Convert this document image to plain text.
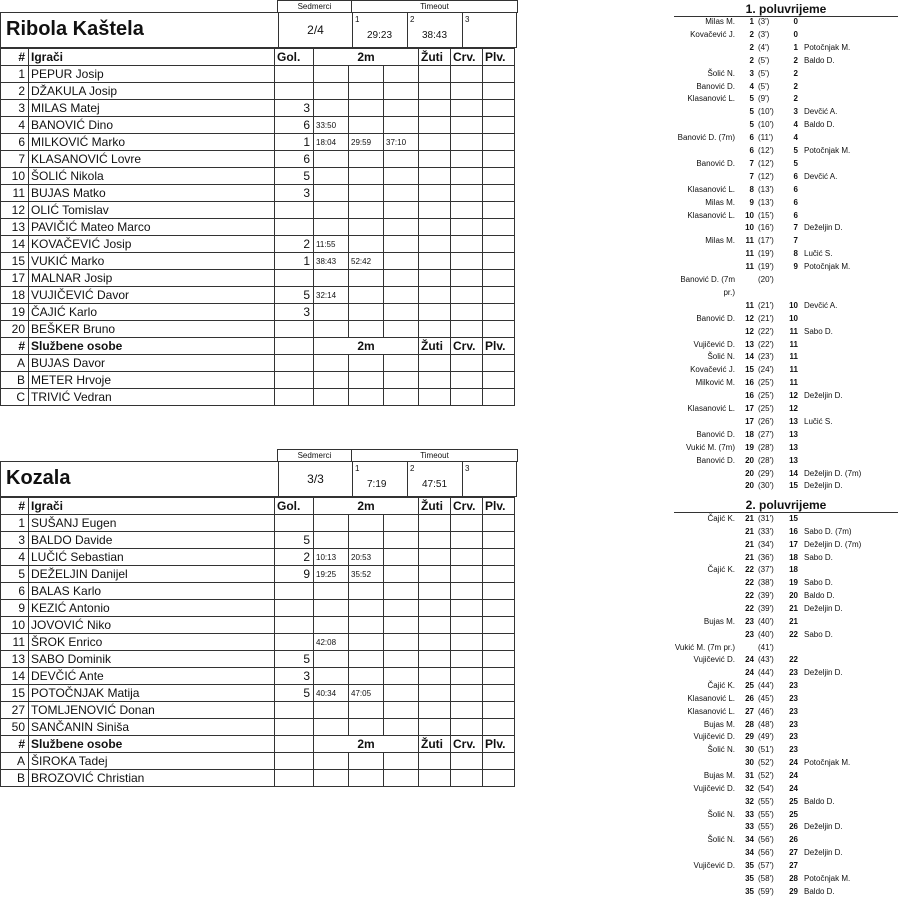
Sedmerci	Timeout
Ribola Kaštela	2/4
1
29:23
2
38:43
3
#	Igrači	Gol.	2m			Žuti	Crv.	Plv.
1	PEPUR Josip							
2	DŽAKULA Josip							
3	MILAS Matej	3						
4	BANOVIĆ Dino	6	33:50					
6	MILKOVIĆ Marko	1	18:04	29:59	37:10			
7	KLASANOVIĆ Lovre	6						
10	ŠOLIĆ Nikola	5						
11	BUJAS Matko	3						
12	OLIĆ Tomislav							
13	PAVIČIĆ Mateo Marco							
14	KOVAČEVIĆ Josip	2	11:55					
15	VUKIĆ Marko	1	38:43	52:42				
17	MALNAR Josip							
18	VUJIČEVIĆ Davor	5	32:14					
19	ČAJIĆ Karlo	3						
20	BEŠKER Bruno							
#	Službene osobe		2m			Žuti	Crv.	Plv.
A	BUJAS Davor							
B	METER Hrvoje							
C	TRIVIĆ Vedran							
Sedmerci	Timeout
Kozala	3/3
1
7:19
2
47:51
3
#	Igrači	Gol.	2m			Žuti	Crv.	Plv.
1	SUŠANJ Eugen							
3	BALDO Davide	5						
4	LUČIĆ Sebastian	2	10:13	20:53				
5	DEŽELJIN Danijel	9	19:25	35:52				
6	BALAS Karlo							
9	KEZIĆ Antonio							
10	JOVOVIĆ Niko							
11	ŠROK Enrico		42:08					
13	SABO Dominik	5						
14	DEVČIĆ Ante	3						
15	POTOČNJAK Matija	5	40:34	47:05				
27	TOMLJENOVIĆ Donan							
50	SANČANIN Siniša							
#	Službene osobe		2m			Žuti	Crv.	Plv.
A	ŠIROKA Tadej							
B	BROZOVIĆ Christian							
1. poluvrijeme
Milas M.	1 (3')	0
Kovačević J.	2 (3')	0
2 (4')	1 Potočnjak M.
2 (5')	2 Baldo D.
Šolić N.	3 (5')	2
Banović D.	4 (5')	2
Klasanović L.	5 (9')	2
5 (10')	3 Devčić A.
5 (10')	4 Baldo D.
Banović D. (7m)	6 (11')	4
6 (12')	5 Potočnjak M.
Banović D.	7 (12')	5
7 (12')	6 Devčić A.
Klasanović L.	8 (13')	6
Milas M.	9 (13')	6
Klasanović L.	10 (15')	6
10 (16')	7 Deželjin D.
Milas M.	11 (17')	7
11 (19')	8 Lučić S.
11 (19')	9 Potočnjak M.
Banović D. (7m	(20')
pr.)
11 (21')	10 Devčić A.
Banović D.	12 (21')	10
12 (22')	11 Sabo D.
Vujičević D.	13 (22')	11
Šolić N.	14 (23')	11
Kovačević J.	15 (24')	11
Milković M.	16 (25')	11
16 (25')	12 Deželjin D.
Klasanović L.	17 (25')	12
17 (26')	13 Lučić S.
Banović D.	18 (27')	13
Vukić M. (7m)	19 (28')	13
Banović D.	20 (28')	13
20 (29')	14 Deželjin D. (7m)
20 (30')	15 Deželjin D.
2. poluvrijeme
Čajić K.	21 (31')	15
21 (33')	16 Sabo D. (7m)
21 (34')	17 Deželjin D. (7m)
21 (36')	18 Sabo D.
Čajić K.	22 (37')	18
22 (38')	19 Sabo D.
22 (39')	20 Baldo D.
22 (39')	21 Deželjin D.
Bujas M.	23 (40')	21
23 (40')	22 Sabo D.
Vukić M. (7m pr.)	(41')
Vujičević D.	24 (43')	22
24 (44')	23 Deželjin D.
Čajić K.	25 (44')	23
Klasanović L.	26 (45')	23
Klasanović L.	27 (46')	23
Bujas M.	28 (48')	23
Vujičević D.	29 (49')	23
Šolić N.	30 (51')	23
30 (52')	24 Potočnjak M.
Bujas M.	31 (52')	24
Vujičević D.	32 (54')	24
32 (55')	25 Baldo D.
Šolić N.	33 (55')	25
33 (55')	26 Deželjin D.
Šolić N.	34 (56')	26
34 (56')	27 Deželjin D.
Vujičević D.	35 (57')	27
35 (58')	28 Potočnjak M.
35 (59')	29 Baldo D.
